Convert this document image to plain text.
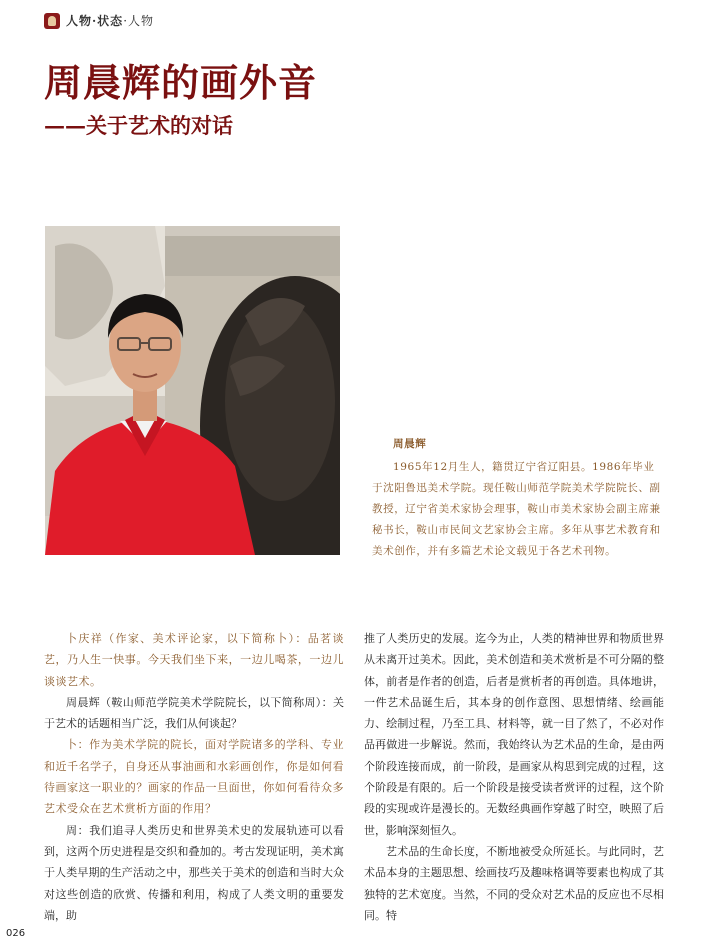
人物·状态·人物
周晨辉的画外音
——关于艺术的对话

周晨辉

1965年12月生人，籍贯辽宁省辽阳县。1986年毕业于沈阳鲁迅美术学院。现任鞍山师范学院美术学院院长、副教授，辽宁省美术家协会理事，鞍山市美术家协会副主席兼秘书长，鞍山市民间文艺家协会主席。多年从事艺术教育和美术创作，并有多篇艺术论文载见于各艺术刊物。

卜庆祥（作家、美术评论家，以下简称卜）：品茗谈艺，乃人生一快事。今天我们坐下来，一边儿喝茶，一边儿谈谈艺术。

周晨辉（鞍山师范学院美术学院院长，以下简称周）：关于艺术的话题相当广泛，我们从何谈起？

卜：作为美术学院的院长，面对学院诸多的学科、专业和近千名学子，自身还从事油画和水彩画创作，你是如何看待画家这一职业的？画家的作品一旦面世，你如何看待众多艺术受众在艺术赏析方面的作用？

周：我们追寻人类历史和世界美术史的发展轨迹可以看到，这两个历史进程是交织和叠加的。考古发现证明，美术寓于人类早期的生产活动之中，那些关于美术的创造和当时大众对这些创造的欣赏、传播和利用，构成了人类文明的重要发端，助

推了人类历史的发展。迄今为止，人类的精神世界和物质世界从未离开过美术。因此，美术创造和美术赏析是不可分隔的整体，前者是作者的创造，后者是赏析者的再创造。具体地讲，一件艺术品诞生后，其本身的创作意图、思想情绪、绘画能力、绘制过程，乃至工具、材料等，就一目了然了，不必对作品再做进一步解说。然而，我始终认为艺术品的生命，是由两个阶段连接而成，前一阶段，是画家从构思到完成的过程，这个阶段是有限的。后一个阶段是接受读者赏评的过程，这个阶段的实现或许是漫长的。无数经典画作穿越了时空，映照了后世，影响深刻恒久。

艺术品的生命长度，不断地被受众所延长。与此同时，艺术品本身的主题思想、绘画技巧及趣味格调等要素也构成了其独特的艺术宽度。当然，不同的受众对艺术品的反应也不尽相同。特

026
